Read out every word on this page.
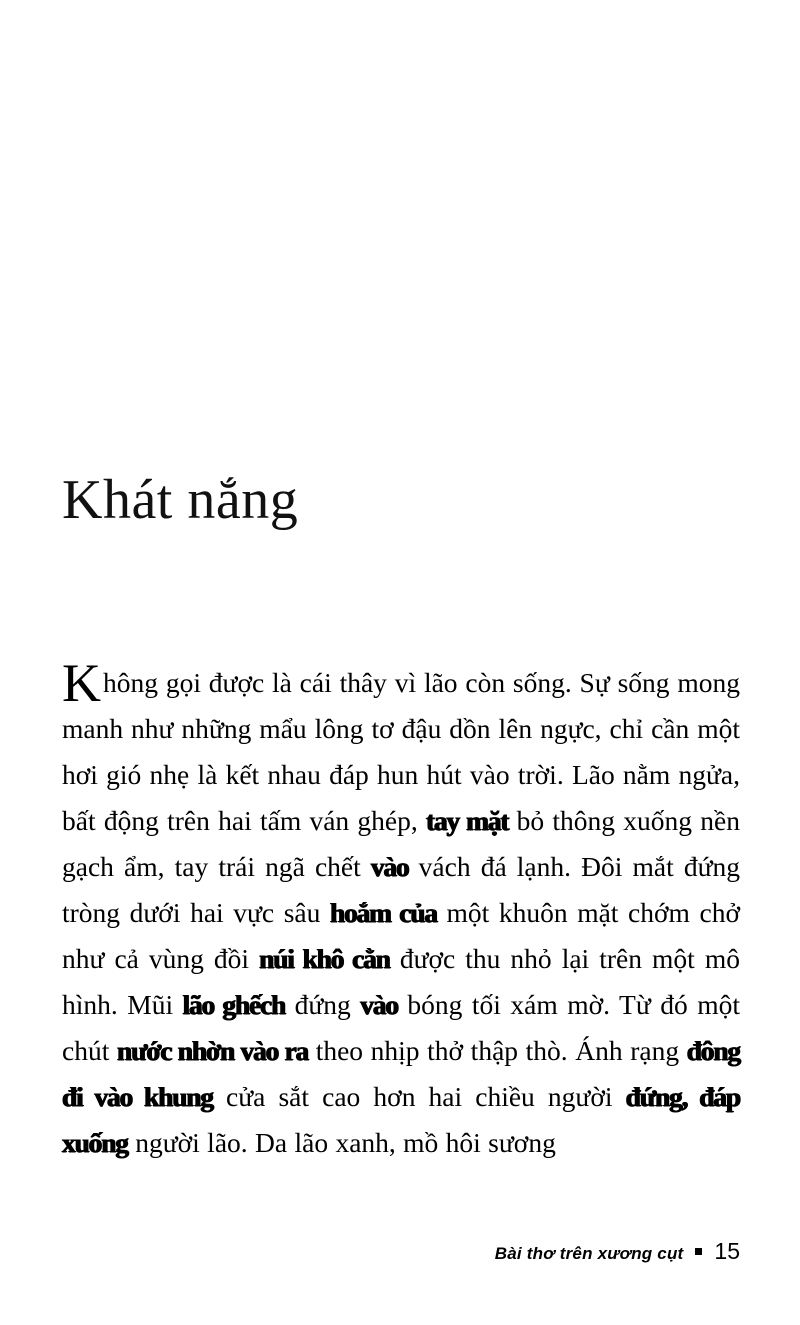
Khát nắng

Không gọi được là cái thây vì lão còn sống. Sự sống mong manh như những mẩu lông tơ đậu dồn lên ngực, chỉ cần một hơi gió nhẹ là kết nhau đáp hun hút vào trời. Lão nằm ngửa, bất động trên hai tấm ván ghép, tay mặt bỏ thông xuống nền gạch ẩm, tay trái ngã chết vào vách đá lạnh. Đôi mắt đứng tròng dưới hai vực sâu hoắm của một khuôn mặt chớm chở như cả vùng đồi núi khô cằn được thu nhỏ lại trên một mô hình. Mũi lão ghếch đứng vào bóng tối xám mờ. Từ đó một chút nước nhờn vào ra theo nhịp thở thập thò. Ánh rạng đông đi vào khung cửa sắt cao hơn hai chiều người đứng, đáp xuống người lão. Da lão xanh, mồ hôi sương

Bài thơ trên xương cụt 15
